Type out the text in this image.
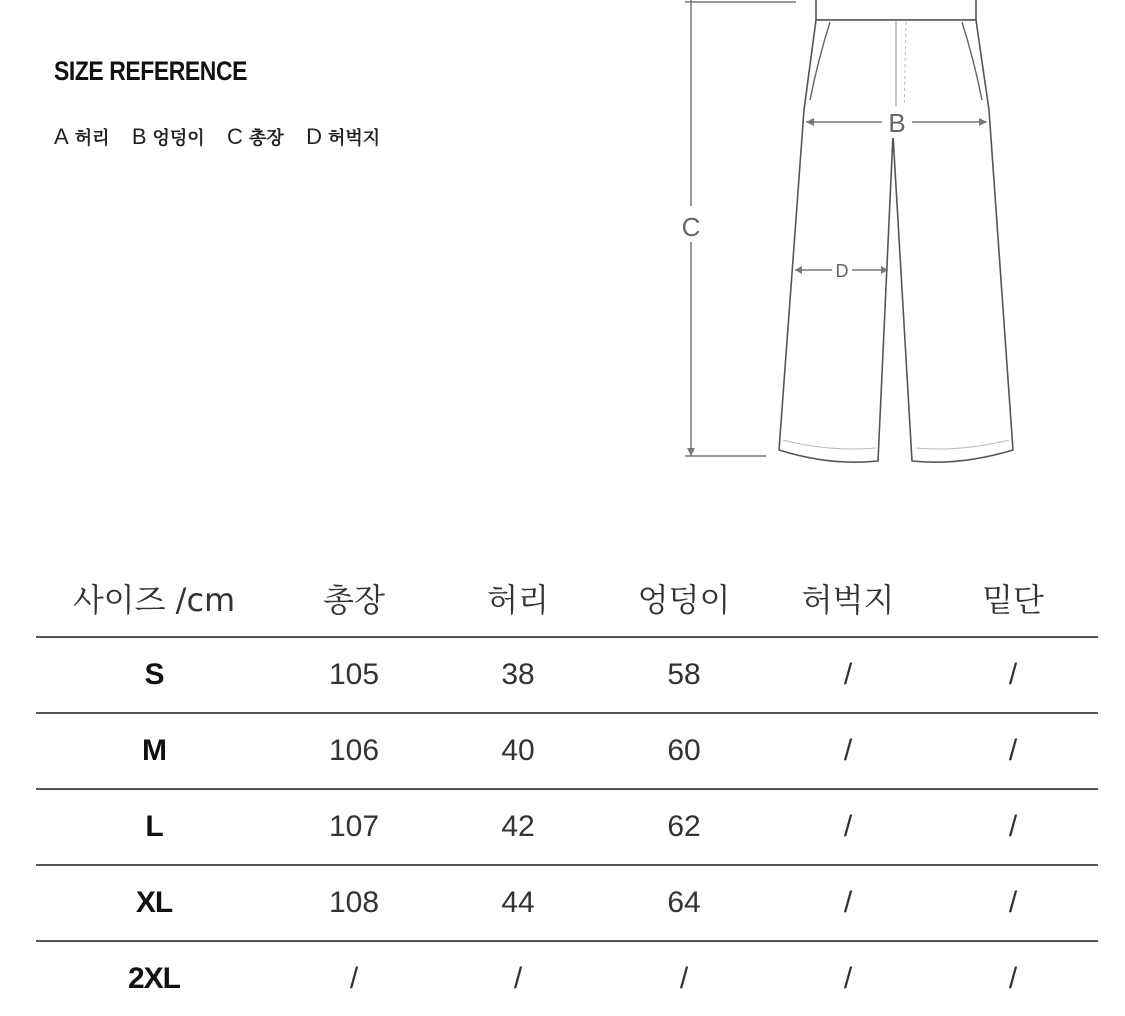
SIZE REFERENCE
A 허리 B 엉덩이 C 총장 D 허벅지
C
B
D
사이즈 /cm	총장	허리	엉덩이	허벅지	밑단
S	105	38	58	/	/
M	106	40	60	/	/
L	107	42	62	/	/
XL	108	44	64	/	/
2XL	/	/	/	/	/
